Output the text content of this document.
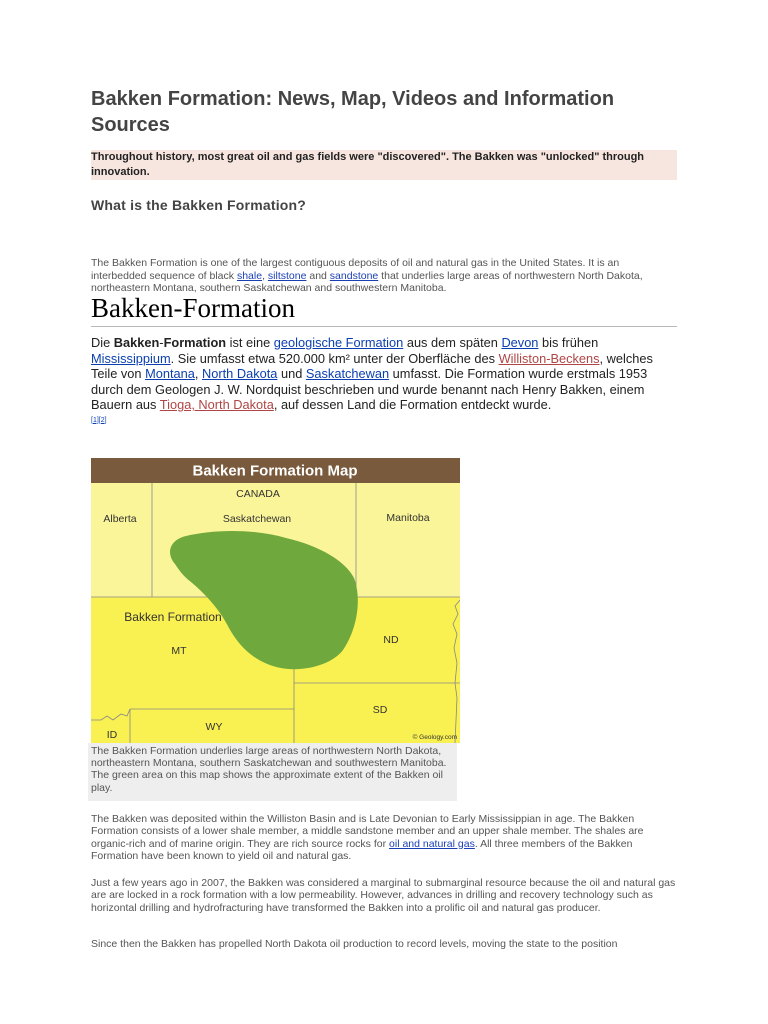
Bakken Formation: News, Map, Videos and Information Sources
Throughout history, most great oil and gas fields were "discovered". The Bakken was "unlocked" through innovation.
What is the Bakken Formation?
The Bakken Formation is one of the largest contiguous deposits of oil and natural gas in the United States. It is an interbedded sequence of black shale, siltstone and sandstone that underlies large areas of northwestern North Dakota, northeastern Montana, southern Saskatchewan and southwestern Manitoba.
Bakken-Formation
Die Bakken-Formation ist eine geologische Formation aus dem späten Devon bis frühen Mississippium. Sie umfasst etwa 520.000 km² unter der Oberfläche des Williston-Beckens, welches Teile von Montana, North Dakota und Saskatchewan umfasst. Die Formation wurde erstmals 1953 durch dem Geologen J. W. Nordquist beschrieben und wurde benannt nach Henry Bakken, einem Bauern aus Tioga, North Dakota, auf dessen Land die Formation entdeckt wurde.
[1][2]
Bakken Formation Map
CANADA
Alberta	Saskatchewan	Manitoba
Bakken Formation
MT
ND
SD
WY
ID	© Geology.com
The Bakken Formation underlies large areas of northwestern North Dakota, northeastern Montana, southern Saskatchewan and southwestern Manitoba. The green area on this map shows the approximate extent of the Bakken oil play.
The Bakken was deposited within the Williston Basin and is Late Devonian to Early Mississippian in age. The Bakken Formation consists of a lower shale member, a middle sandstone member and an upper shale member. The shales are organic-rich and of marine origin. They are rich source rocks for oil and natural gas. All three members of the Bakken Formation have been known to yield oil and natural gas.
Just a few years ago in 2007, the Bakken was considered a marginal to submarginal resource because the oil and natural gas are are locked in a rock formation with a low permeability. However, advances in drilling and recovery technology such as horizontal drilling and hydrofracturing have transformed the Bakken into a prolific oil and natural gas producer.
Since then the Bakken has propelled North Dakota oil production to record levels, moving the state to the position
